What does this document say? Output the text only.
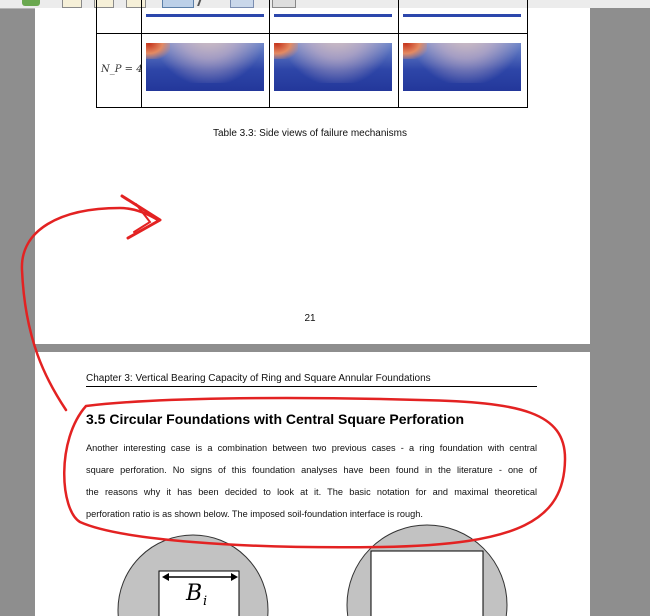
N_P = 4
Table 3.3: Side views of failure mechanisms
21
Chapter 3: Vertical Bearing Capacity of Ring and Square Annular Foundations
3.5 Circular Foundations with Central Square Perforation
Another interesting case is a combination between two previous cases - a ring foundation with central
square perforation. No signs of this foundation analyses have been found in the literature - one of
the reasons why it has been decided to look at it. The basic notation for and maximal theoretical
perforation ratio is as shown below. The imposed soil-foundation interface is rough.
B i
